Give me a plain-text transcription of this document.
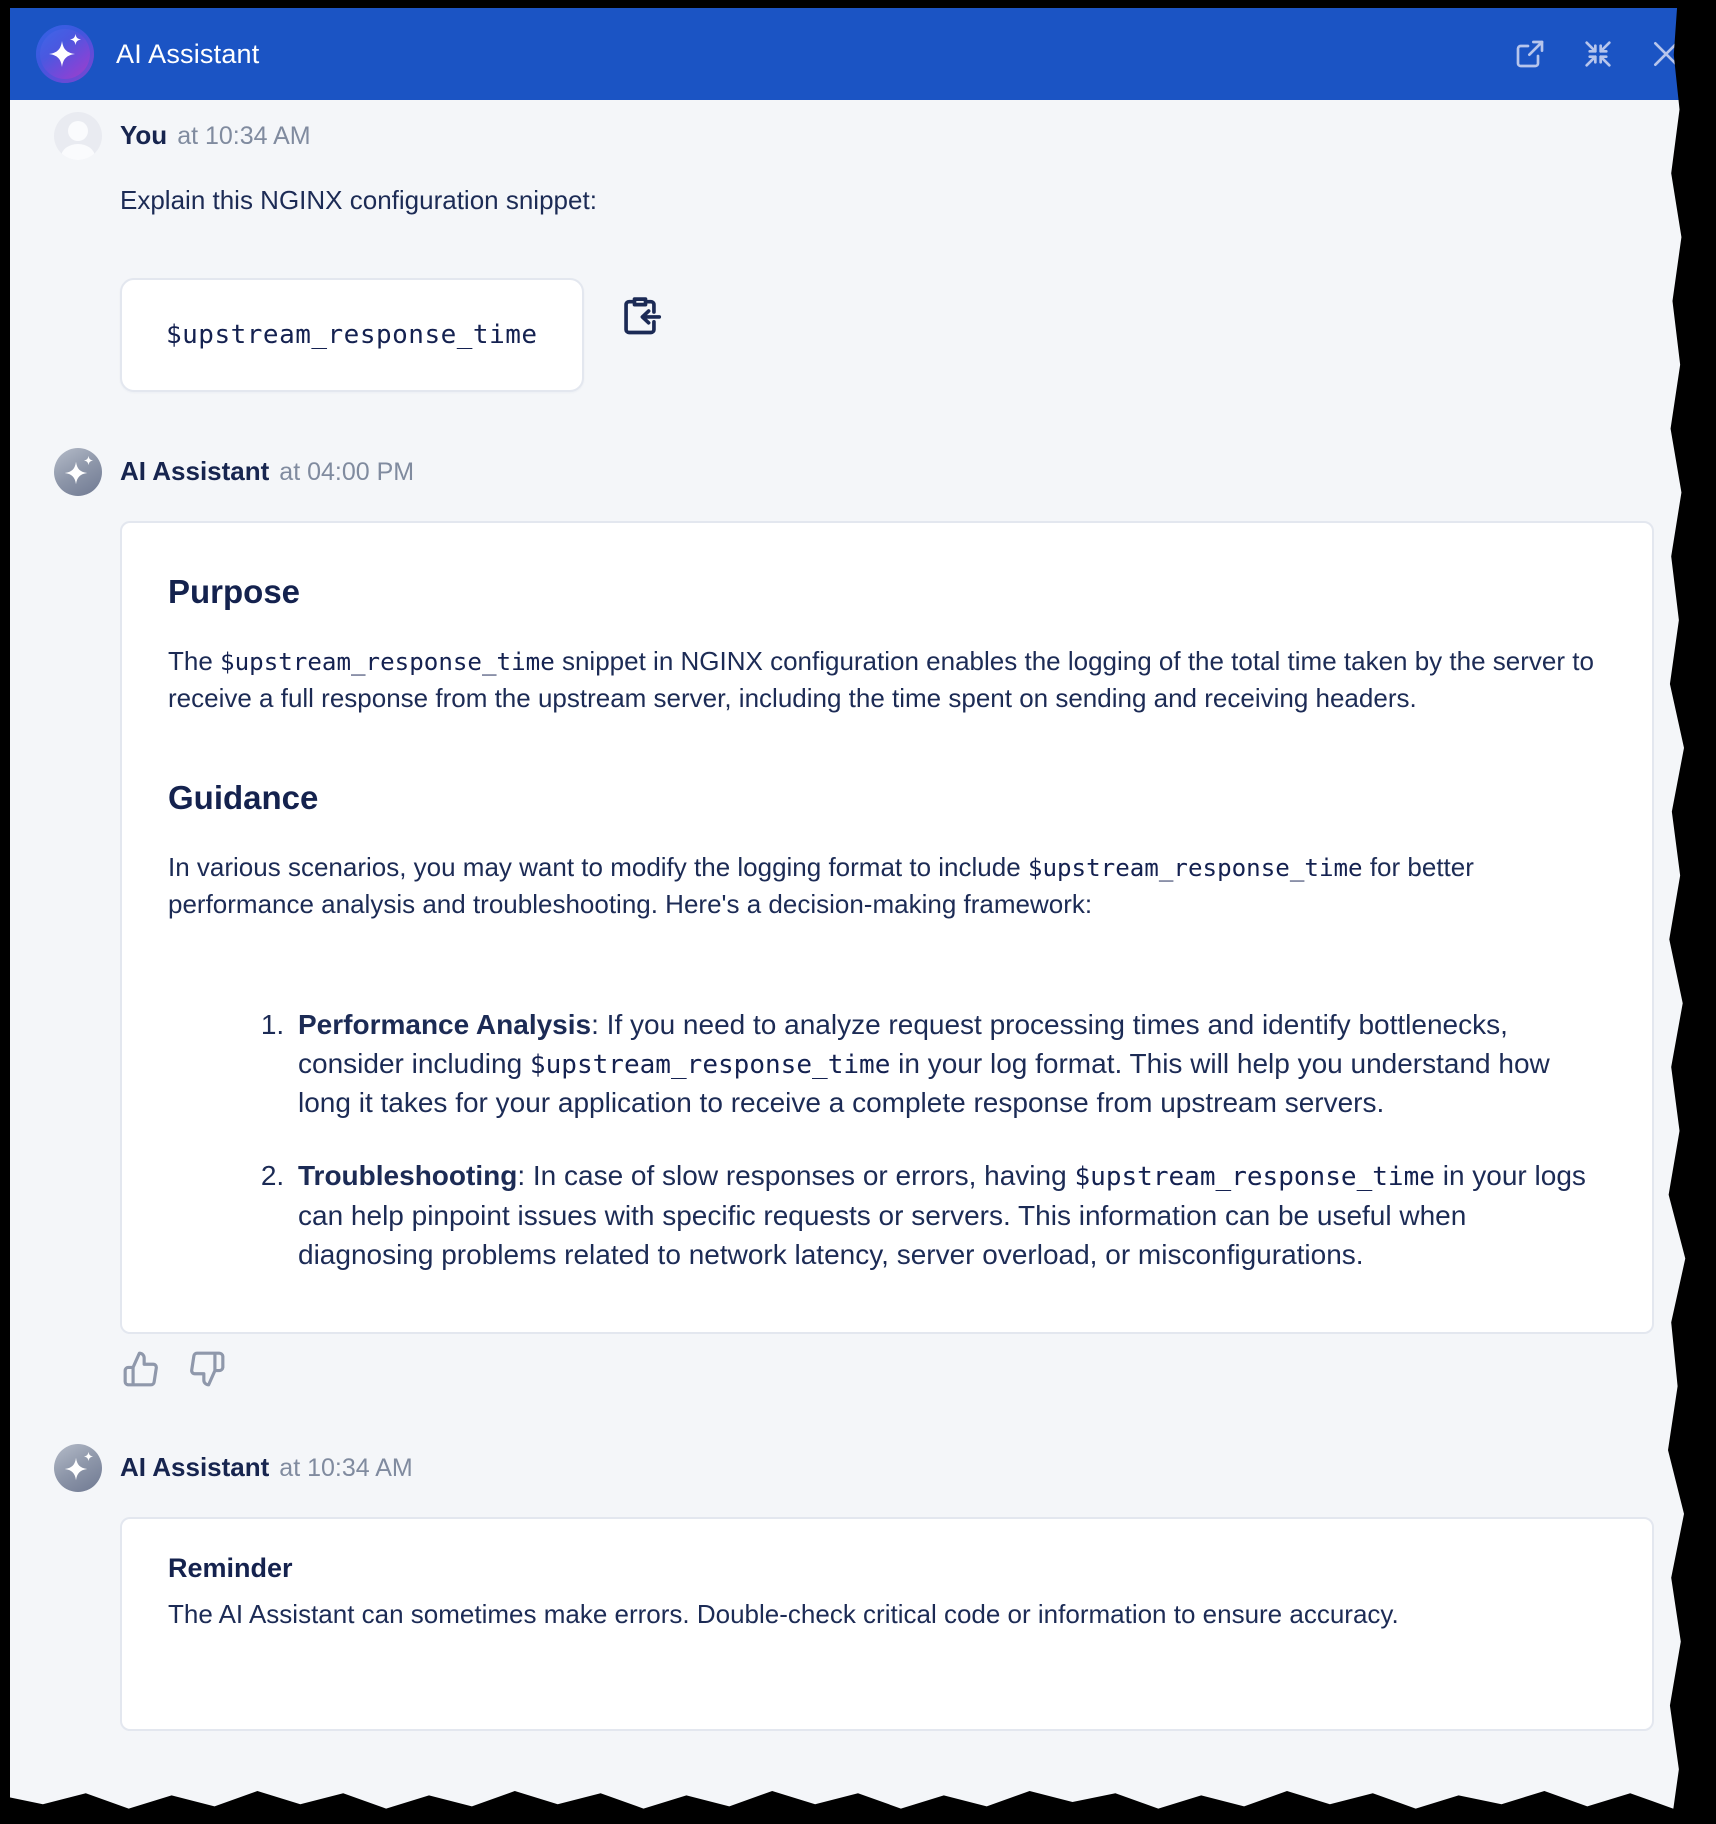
AI Assistant
You at 10:34 AM

Explain this NGINX configuration snippet:

$upstream_response_time
AI Assistant at 04:00 PM
Purpose

The $upstream_response_time snippet in NGINX configuration enables the logging of the total time taken by the server to receive a full response from the upstream server, including the time spent on sending and receiving headers.

Guidance

In various scenarios, you may want to modify the logging format to include $upstream_response_time for better performance analysis and troubleshooting. Here's a decision-making framework:

1. Performance Analysis: If you need to analyze request processing times and identify bottlenecks, consider including $upstream_response_time in your log format. This will help you understand how long it takes for your application to receive a complete response from upstream servers.
2. Troubleshooting: In case of slow responses or errors, having $upstream_response_time in your logs can help pinpoint issues with specific requests or servers. This information can be useful when diagnosing problems related to network latency, server overload, or misconfigurations.
AI Assistant at 10:34 AM
Reminder

The AI Assistant can sometimes make errors. Double-check critical code or information to ensure accuracy.
